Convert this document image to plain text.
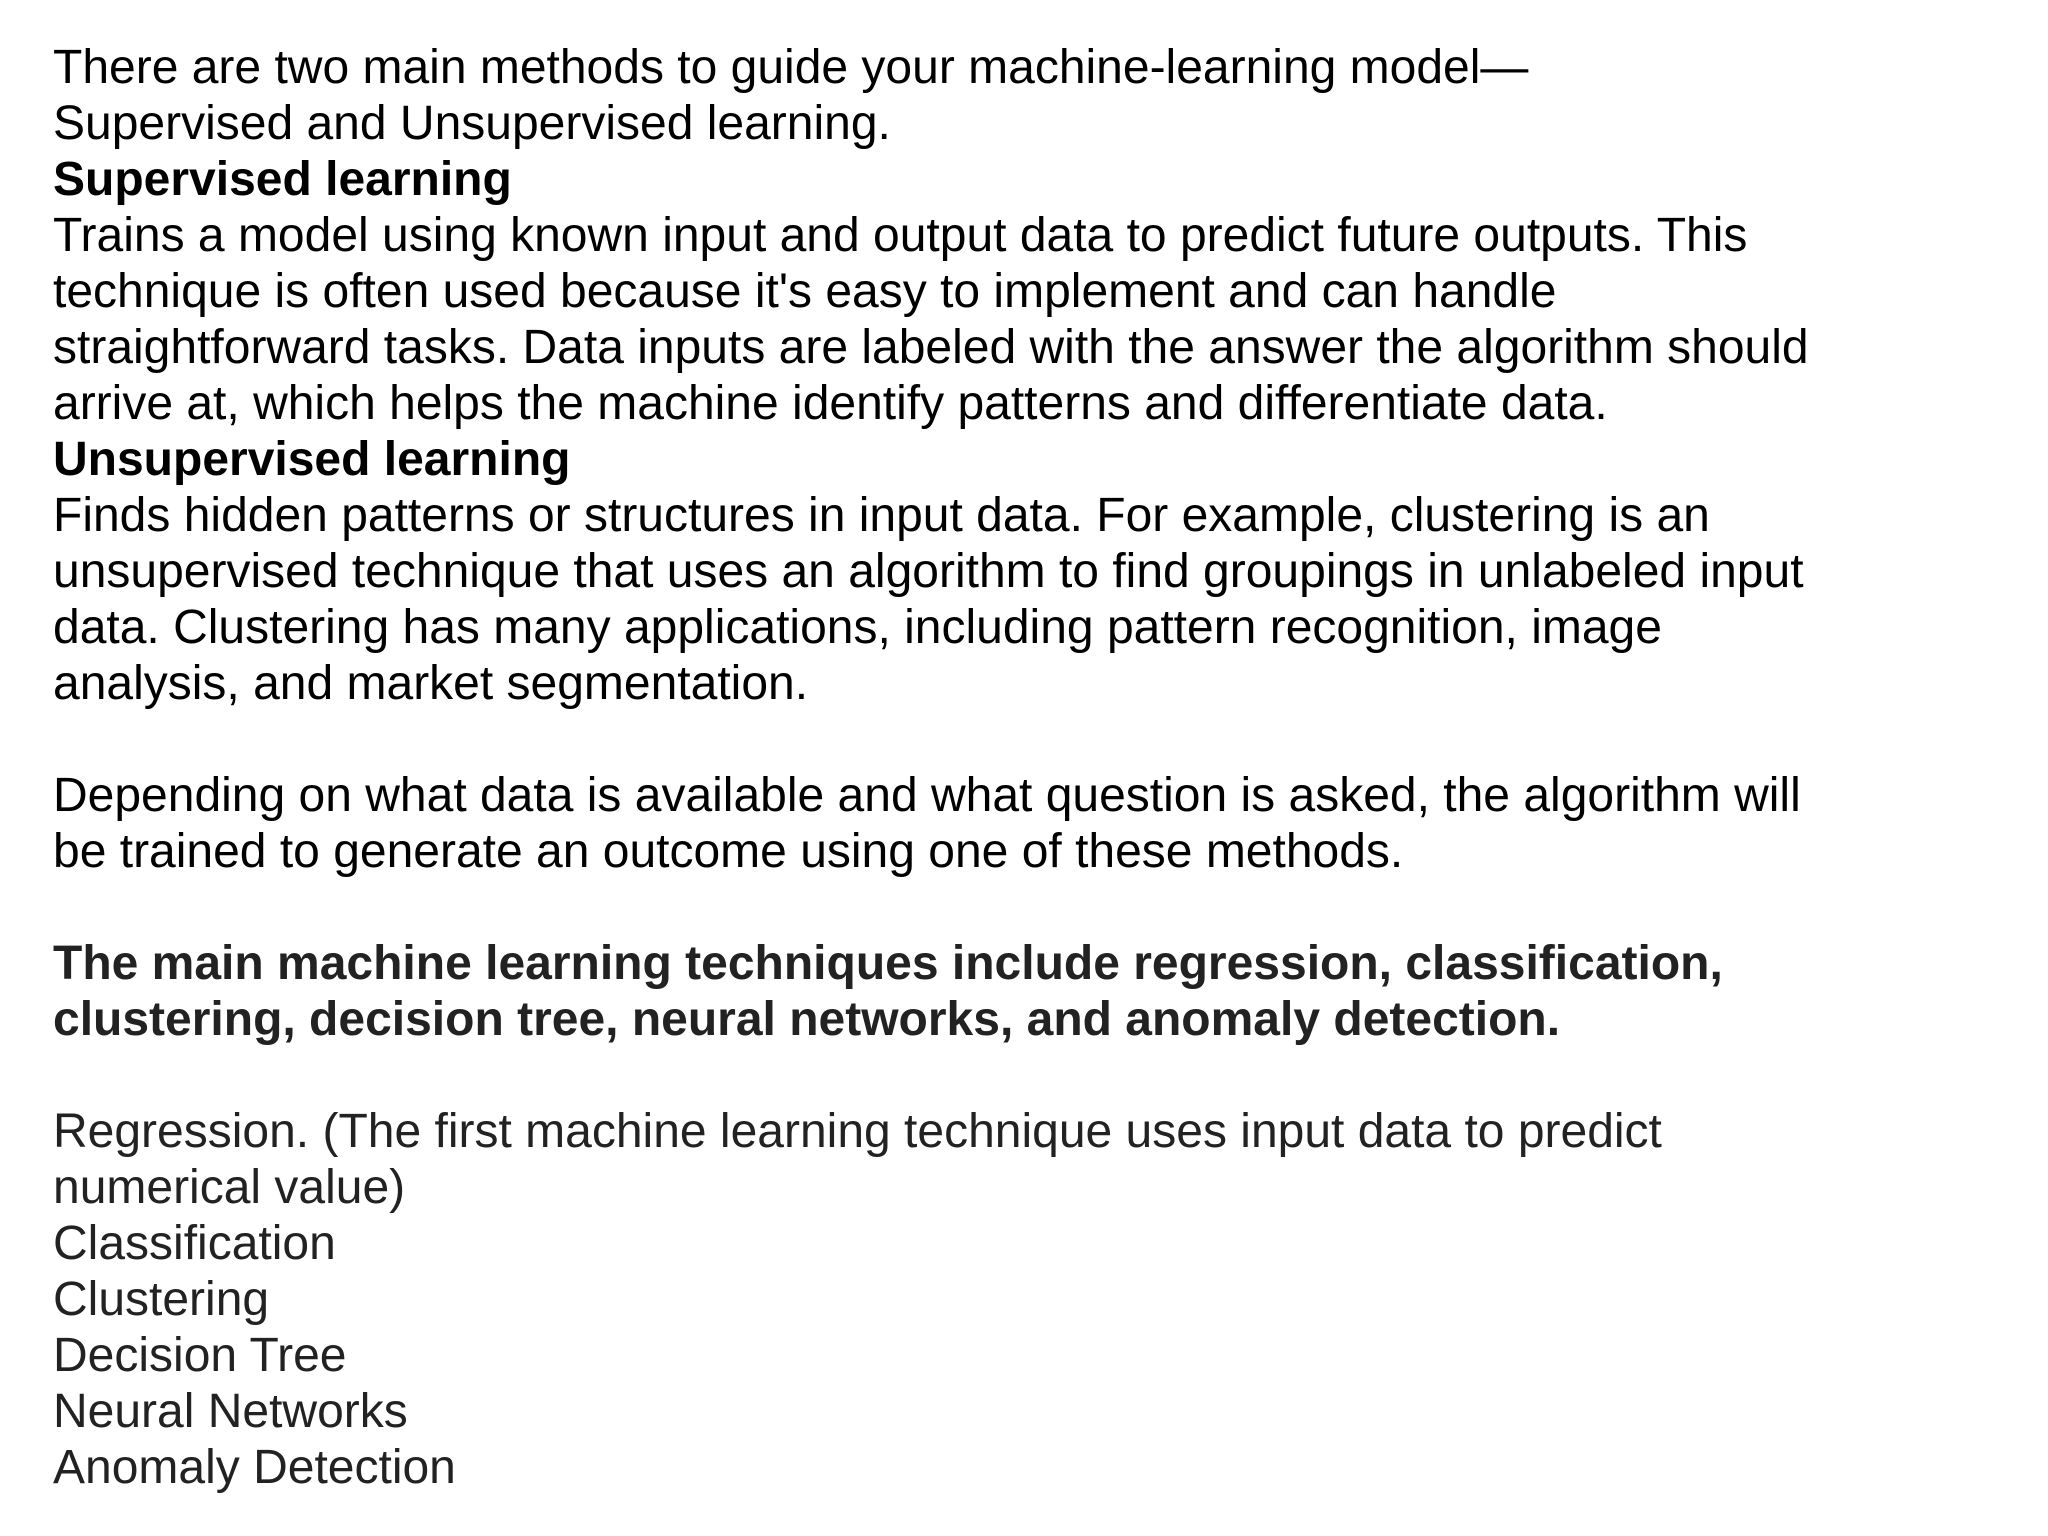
There are two main methods to guide your machine-learning model—
Supervised and Unsupervised learning.
Supervised learning
Trains a model using known input and output data to predict future outputs. This
technique is often used because it's easy to implement and can handle
straightforward tasks. Data inputs are labeled with the answer the algorithm should
arrive at, which helps the machine identify patterns and differentiate data.
Unsupervised learning
Finds hidden patterns or structures in input data. For example, clustering is an
unsupervised technique that uses an algorithm to find groupings in unlabeled input
data. Clustering has many applications, including pattern recognition, image
analysis, and market segmentation.
Depending on what data is available and what question is asked, the algorithm will
be trained to generate an outcome using one of these methods.
The main machine learning techniques include regression, classification,
clustering, decision tree, neural networks, and anomaly detection.
Regression. (The first machine learning technique uses input data to predict
numerical value)
Classification
Clustering
Decision Tree
Neural Networks
Anomaly Detection
